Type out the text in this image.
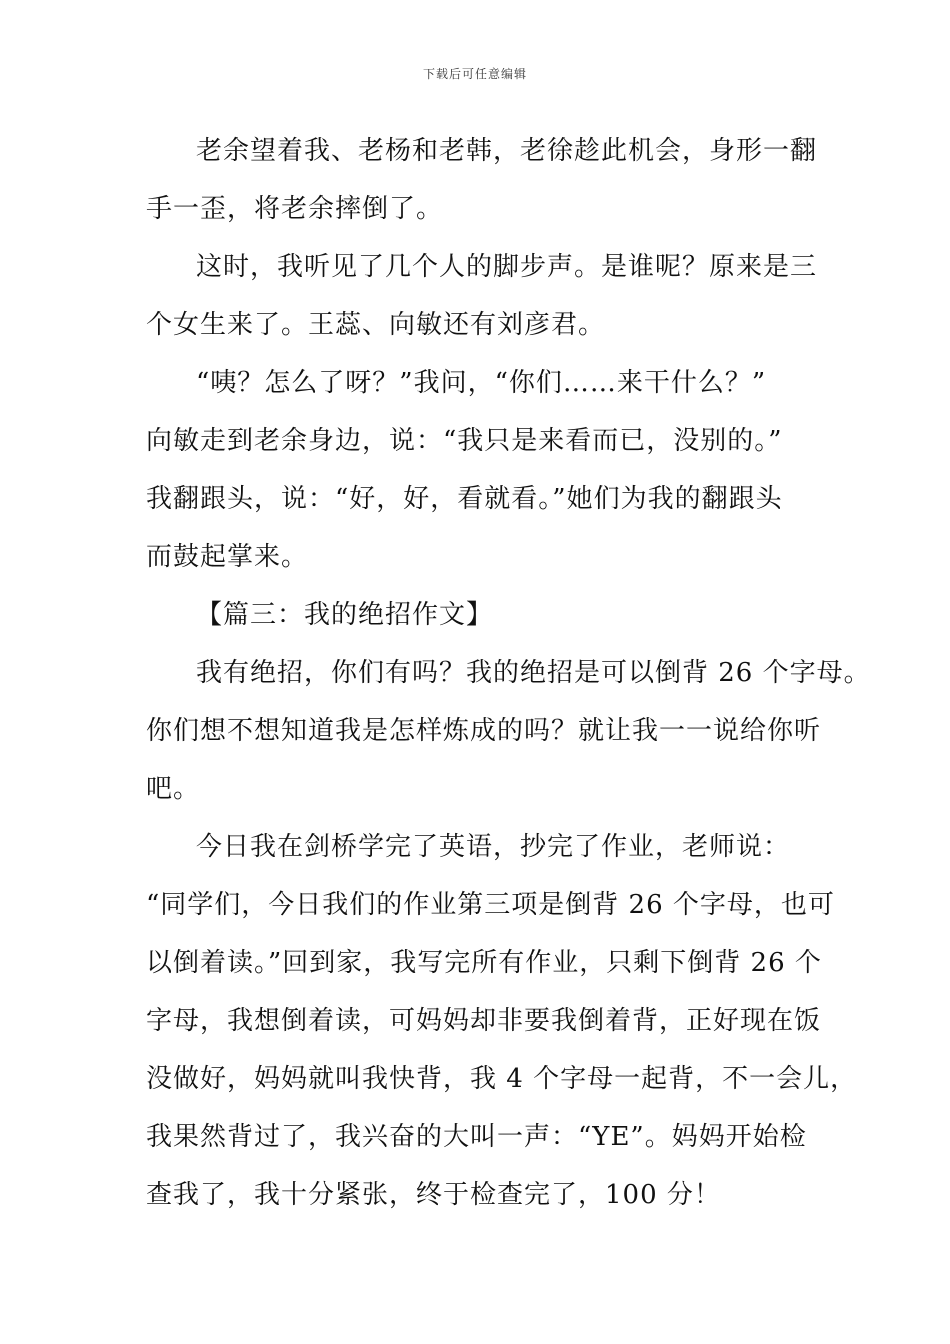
下载后可任意编辑
老余望着我、老杨和老韩，老徐趁此机会，身形一翻
手一歪，将老余摔倒了。
这时，我听见了几个人的脚步声。是谁呢？原来是三
个女生来了。王蕊、向敏还有刘彦君。
“咦？怎么了呀？”我问，“你们……来干什么？”
向敏走到老余身边，说：“我只是来看而已，没别的。”
我翻跟头，说：“好，好，看就看。”她们为我的翻跟头
而鼓起掌来。
【篇三：我的绝招作文】
我有绝招，你们有吗？我的绝招是可以倒背 26 个字母。
你们想不想知道我是怎样炼成的吗？就让我一一说给你听
吧。
今日我在剑桥学完了英语，抄完了作业，老师说：
“同学们，今日我们的作业第三项是倒背 26 个字母，也可
以倒着读。”回到家，我写完所有作业，只剩下倒背 26 个
字母，我想倒着读，可妈妈却非要我倒着背，正好现在饭
没做好，妈妈就叫我快背，我 4 个字母一起背，不一会儿，
我果然背过了，我兴奋的大叫一声：“YE”。妈妈开始检
查我了，我十分紧张，终于检查完了，100 分！
